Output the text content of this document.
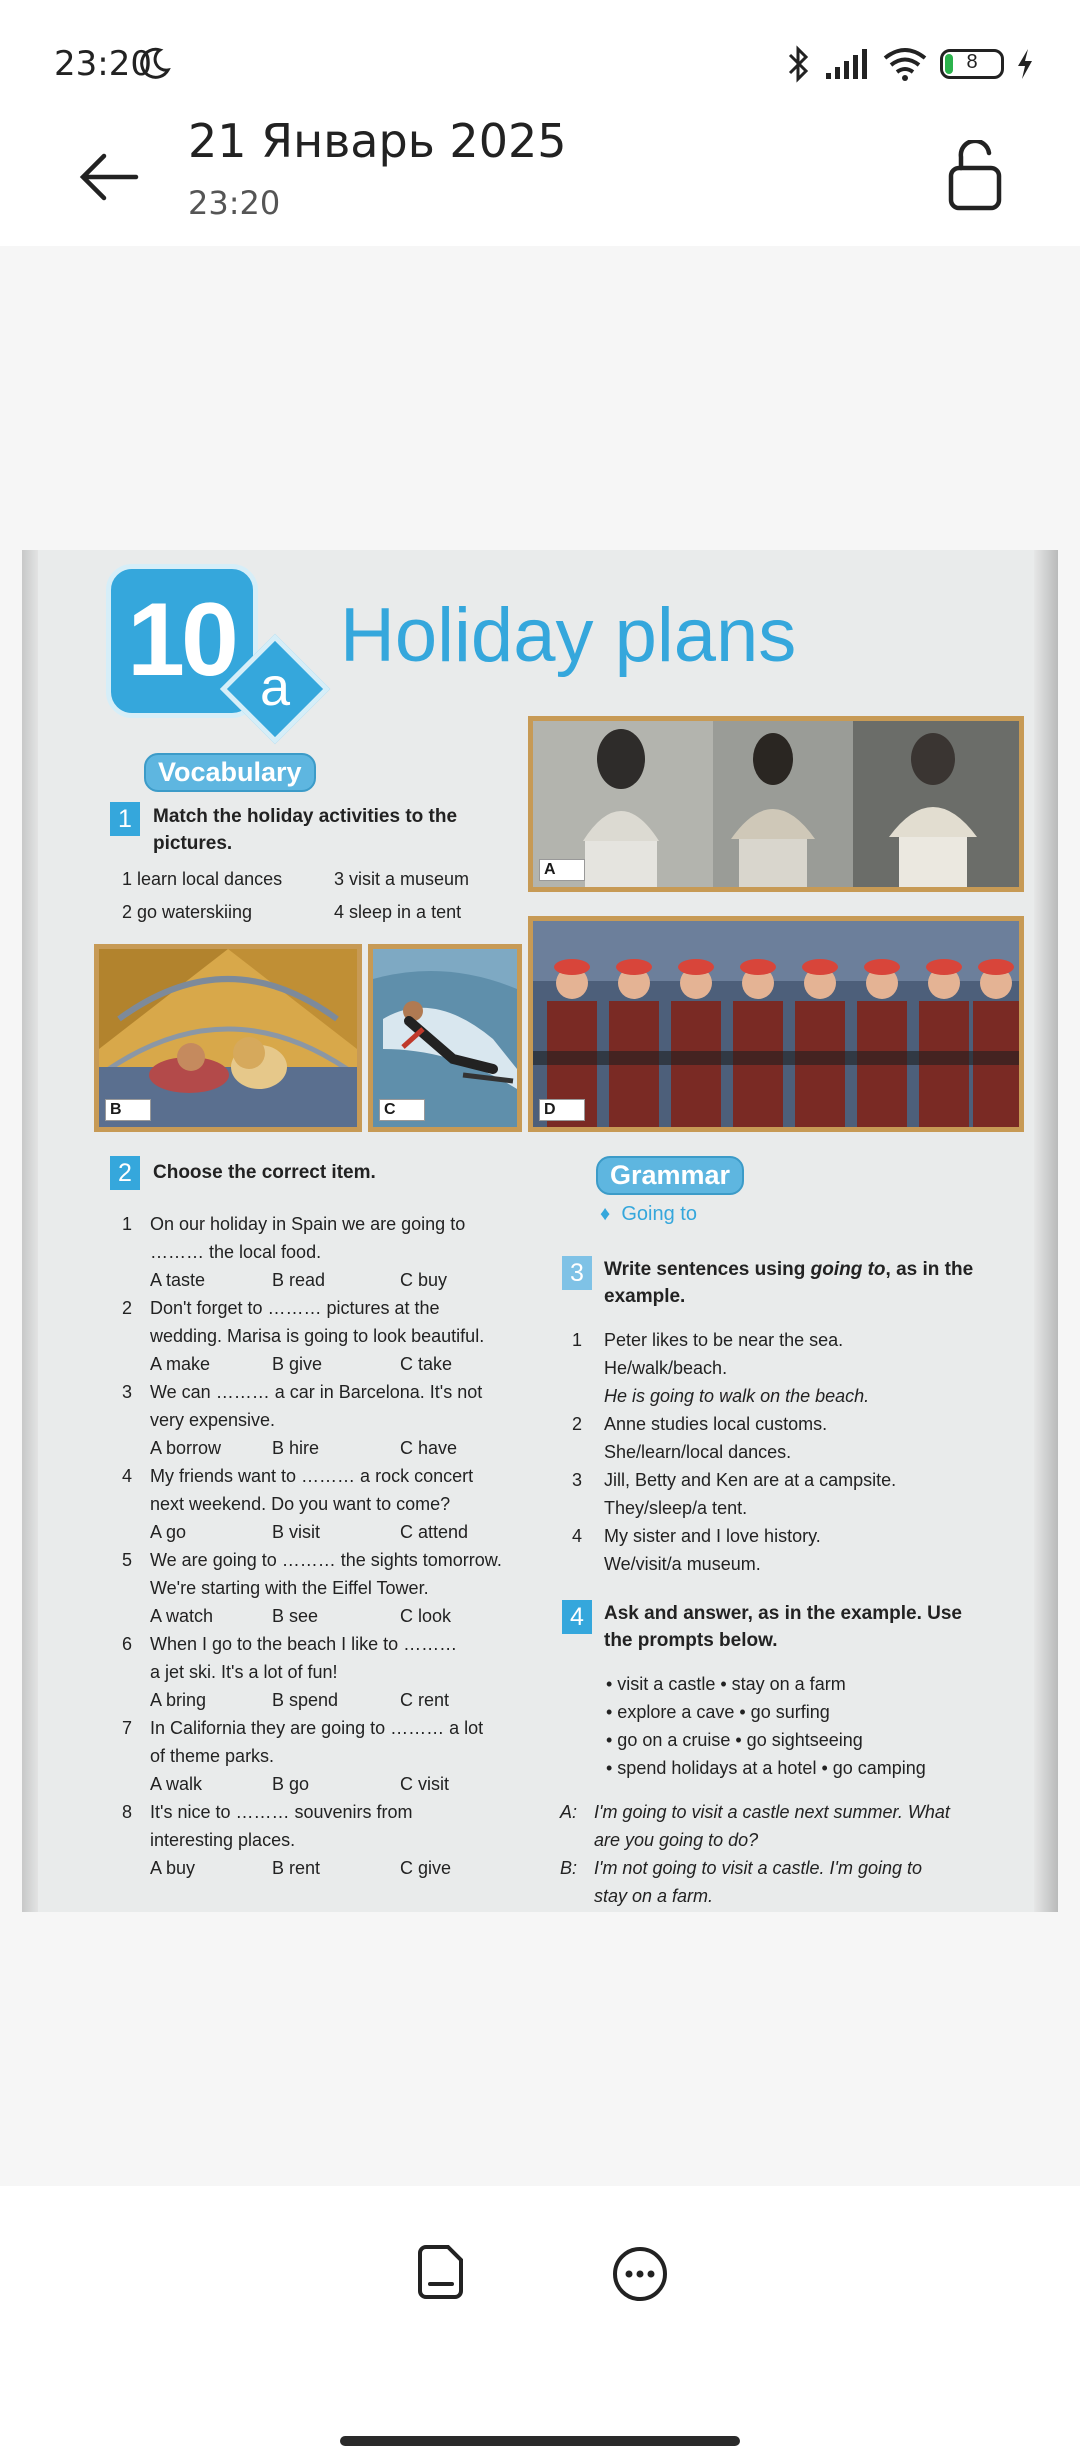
23:20	8
21 Январь 2025
23:20
10 a
Holiday plans
Vocabulary
1	Match the holiday activities to the
pictures.
1 learn local dances	3 visit a museum
2 go waterskiing	4 sleep in a tent
A
B	C	D
2	Choose the correct item.
1 On our holiday in Spain we are going to
……… the local food.
A taste	B read	C buy
2 Don't forget to ……… pictures at the
wedding. Marisa is going to look beautiful.
A make	B give	C take
3 We can ……… a car in Barcelona. It's not
very expensive.
A borrow	B hire	C have
4 My friends want to ……… a rock concert
next weekend. Do you want to come?
A go	B visit	C attend
5 We are going to ……… the sights tomorrow.
We're starting with the Eiffel Tower.
A watch	B see	C look
6 When I go to the beach I like to ………
a jet ski. It's a lot of fun!
A bring	B spend	C rent
7 In California they are going to ……… a lot
of theme parks.
A walk	B go	C visit
8 It's nice to ……… souvenirs from
interesting places.
A buy	B rent	C give
Grammar
♦ Going to
3	Write sentences using going to, as in the
example.
1 Peter likes to be near the sea.
He/walk/beach.
He is going to walk on the beach.
2 Anne studies local customs.
She/learn/local dances.
3 Jill, Betty and Ken are at a campsite.
They/sleep/a tent.
4 My sister and I love history.
We/visit/a museum.
4	Ask and answer, as in the example. Use
the prompts below.
• visit a castle • stay on a farm
• explore a cave • go surfing
• go on a cruise • go sightseeing
• spend holidays at a hotel • go camping
A: I'm going to visit a castle next summer. What
are you going to do?
B: I'm not going to visit a castle. I'm going to
stay on a farm.
